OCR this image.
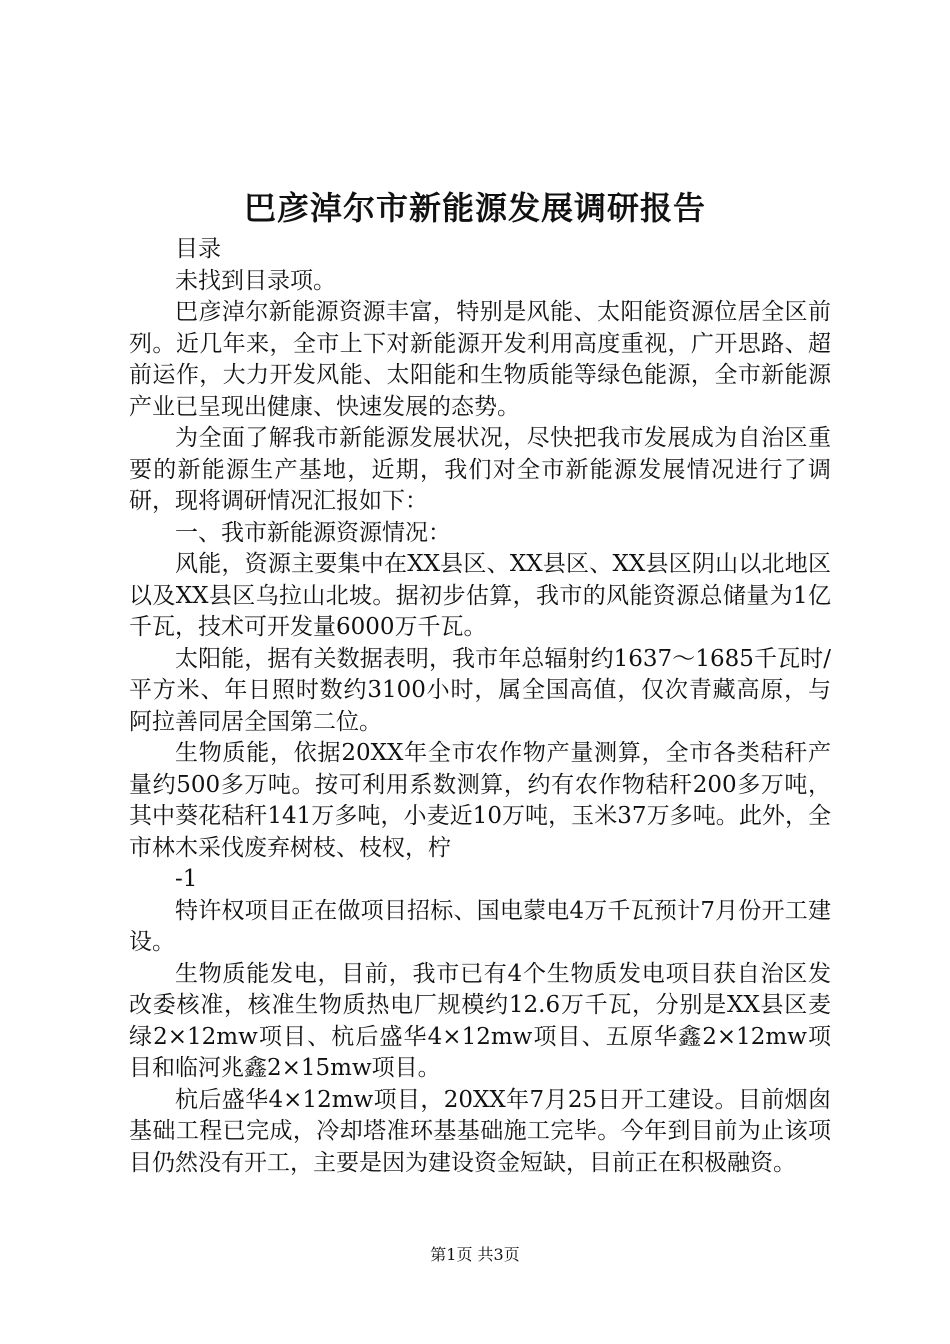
巴彦淖尔市新能源发展调研报告

目录

未找到目录项。

巴彦淖尔新能源资源丰富，特别是风能、太阳能资源位居全区前列。近几年来，全市上下对新能源开发利用高度重视，广开思路、超前运作，大力开发风能、太阳能和生物质能等绿色能源，全市新能源产业已呈现出健康、快速发展的态势。

为全面了解我市新能源发展状况，尽快把我市发展成为自治区重要的新能源生产基地，近期，我们对全市新能源发展情况进行了调研，现将调研情况汇报如下：

一、我市新能源资源情况：

风能，资源主要集中在XX县区、XX县区、XX县区阴山以北地区以及XX县区乌拉山北坡。据初步估算，我市的风能资源总储量为1亿千瓦，技术可开发量6000万千瓦。

太阳能，据有关数据表明，我市年总辐射约1637～1685千瓦时/平方米、年日照时数约3100小时，属全国高值，仅次青藏高原，与阿拉善同居全国第二位。

生物质能，依据20XX年全市农作物产量测算，全市各类秸秆产量约500多万吨。按可利用系数测算，约有农作物秸秆200多万吨，其中葵花秸秆141万多吨，小麦近10万吨，玉米37万多吨。此外，全市林木采伐废弃树枝、枝杈，柠

-1

特许权项目正在做项目招标、国电蒙电4万千瓦预计7月份开工建设。

生物质能发电，目前，我市已有4个生物质发电项目获自治区发改委核准，核准生物质热电厂规模约12.6万千瓦，分别是XX县区麦绿2×12mw项目、杭后盛华4×12mw项目、五原华鑫2×12mw项目和临河兆鑫2×15mw项目。

杭后盛华4×12mw项目，20XX年7月25日开工建设。目前烟囱基础工程已完成，冷却塔准环基基础施工完毕。今年到目前为止该项目仍然没有开工，主要是因为建设资金短缺，目前正在积极融资。

第1页 共3页
